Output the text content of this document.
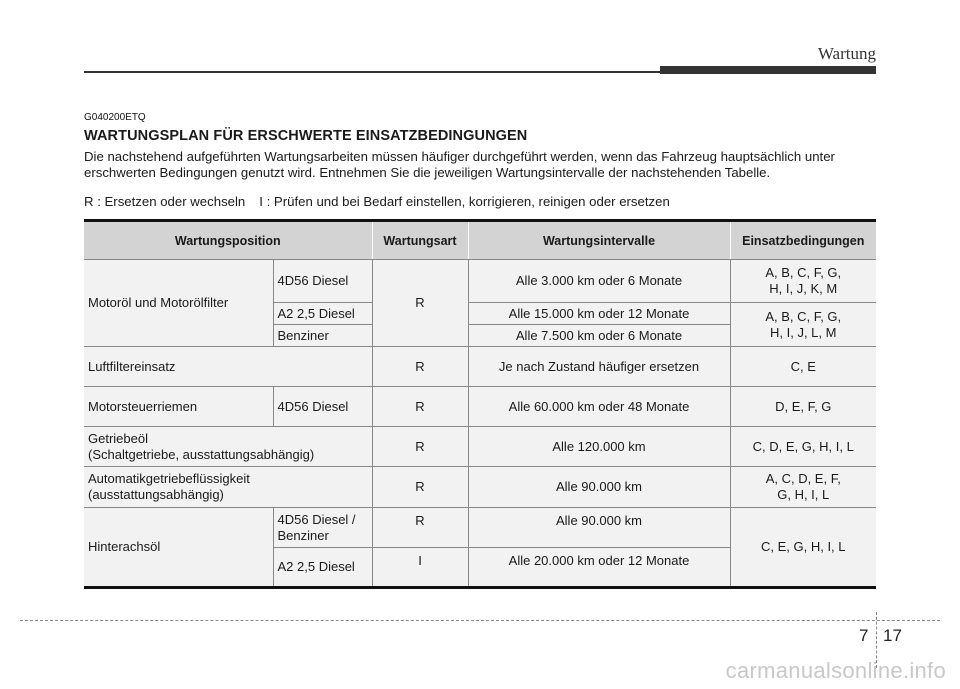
Wartung

G040200ETQ

WARTUNGSPLAN FÜR ERSCHWERTE EINSATZBEDINGUNGEN

Die nachstehend aufgeführten Wartungsarbeiten müssen häufiger durchgeführt werden, wenn das Fahrzeug hauptsächlich unter
erschwerten Bedingungen genutzt wird. Entnehmen Sie die jeweiligen Wartungsintervalle der nachstehenden Tabelle.

R : Ersetzen oder wechseln I : Prüfen und bei Bedarf einstellen, korrigieren, reinigen oder ersetzen

Wartungsposition		Wartungsart	Wartungsintervalle	Einsatzbedingungen
Motoröl und Motorölfilter	4D56 Diesel	R	Alle 3.000 km oder 6 Monate	A, B, C, F, G,
H, I, J, K, M
	A2 2,5 Diesel		Alle 15.000 km oder 12 Monate	A, B, C, F, G,
H, I, J, L, M
	Benziner		Alle 7.500 km oder 6 Monate	
Luftfiltereinsatz		R	Je nach Zustand häufiger ersetzen	C, E
Motorsteuerriemen	4D56 Diesel	R	Alle 60.000 km oder 48 Monate	D, E, F, G
Getriebeöl
(Schaltgetriebe, ausstattungsabhängig)		R	Alle 120.000 km	C, D, E, G, H, I, L
Automatikgetriebeflüssigkeit
(ausstattungsabhängig)		R	Alle 90.000 km	A, C, D, E, F,
G, H, I, L
Hinterachsöl	4D56 Diesel /
Benziner	R	Alle 90.000 km	C, E, G, H, I, L
	A2 2,5 Diesel	I	Alle 20.000 km oder 12 Monate	
7 17
carmanualsonline.info
